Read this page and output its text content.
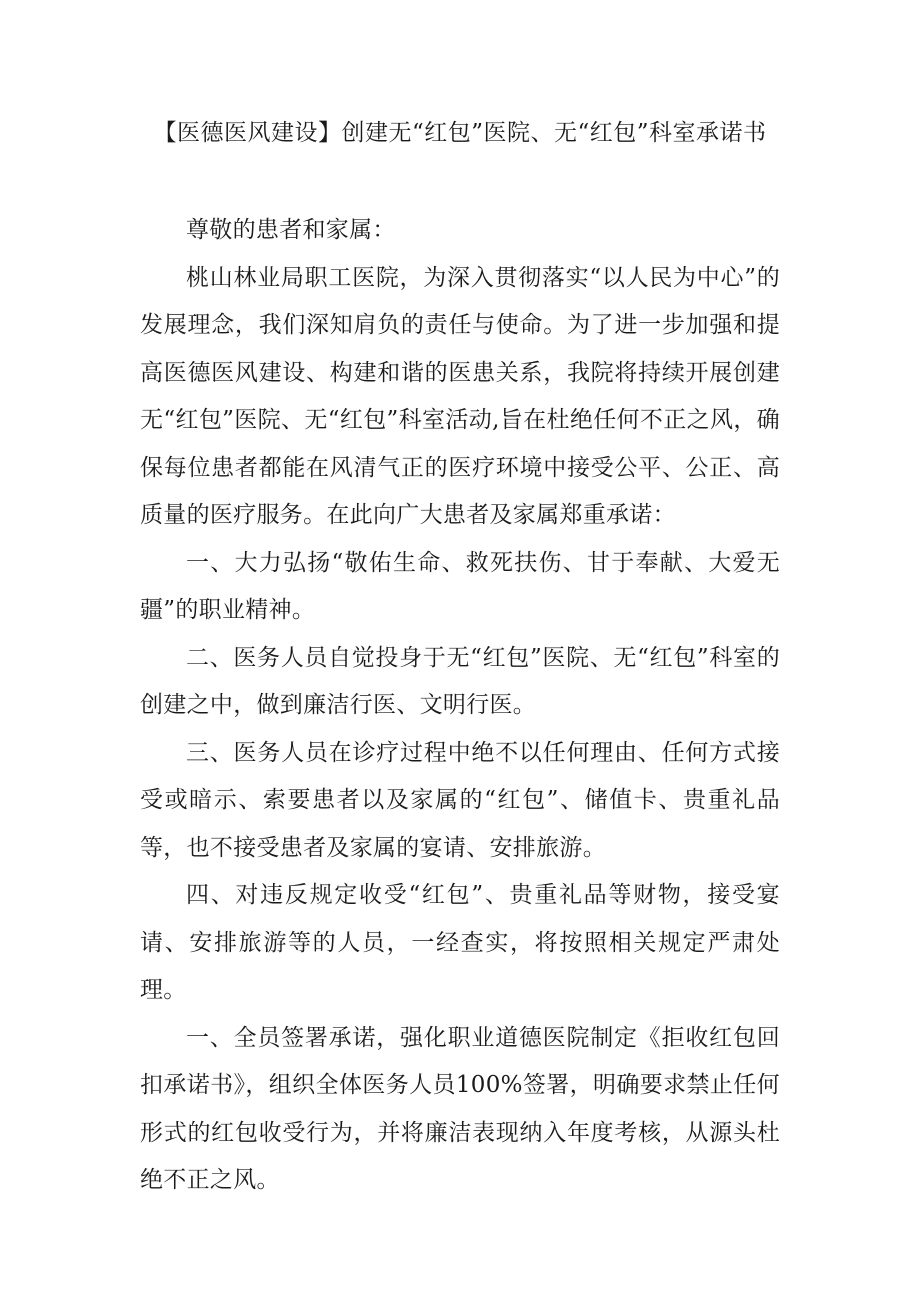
【医德医风建设】创建无“红包”医院、无“红包”科室承诺书

尊敬的患者和家属：

桃山林业局职工医院，为深入贯彻落实“以人民为中心”的发展理念，我们深知肩负的责任与使命。为了进一步加强和提高医德医风建设、构建和谐的医患关系，我院将持续开展创建无“红包”医院、无“红包”科室活动,旨在杜绝任何不正之风，确保每位患者都能在风清气正的医疗环境中接受公平、公正、高质量的医疗服务。在此向广大患者及家属郑重承诺：

一、大力弘扬“敬佑生命、救死扶伤、甘于奉献、大爱无疆”的职业精神。

二、医务人员自觉投身于无“红包”医院、无“红包”科室的创建之中，做到廉洁行医、文明行医。

三、医务人员在诊疗过程中绝不以任何理由、任何方式接受或暗示、索要患者以及家属的“红包”、储值卡、贵重礼品等，也不接受患者及家属的宴请、安排旅游。

四、对违反规定收受“红包”、贵重礼品等财物，接受宴请、安排旅游等的人员，一经查实，将按照相关规定严肃处理。

一、全员签署承诺，强化职业道德医院制定《拒收红包回扣承诺书》，组织全体医务人员100%签署，明确要求禁止任何形式的红包收受行为，并将廉洁表现纳入年度考核，从源头杜绝不正之风。
